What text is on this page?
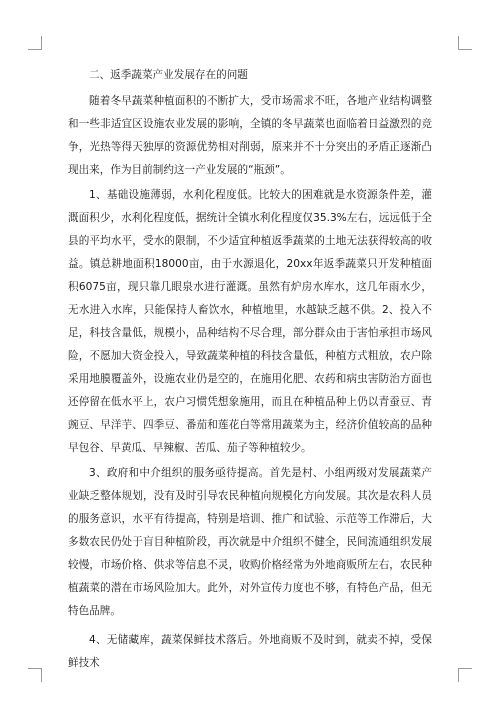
二、返季蔬菜产业发展存在的问题

随着冬早蔬菜种植面积的不断扩大，受市场需求不旺，各地产业结构调整和一些非适宜区设施农业发展的影响，全镇的冬早蔬菜也面临着日益激烈的竞争，光热等得天独厚的资源优势相对削弱，原来并不十分突出的矛盾正逐渐凸现出来，作为目前制约这一产业发展的“瓶颈”。

1、基础设施薄弱，水利化程度低。比较大的困难就是水资源条件差，灌溉面积少，水利化程度低，据统计全镇水利化程度仅35.3%左右，远远低于全县的平均水平，受水的限制，不少适宜种植返季蔬菜的土地无法获得较高的收益。镇总耕地面积18000亩，由于水源退化，20xx年返季蔬菜只开发种植面积6075亩，现只靠几眼泉水进行灌溉。虽然有炉房水库水，这几年雨水少，无水进入水库，只能保持人畜饮水，种植地里，水越缺乏越不供。2、投入不足，科技含量低，规模小，品种结构不尽合理，部分群众由于害怕承担市场风险，不愿加大资金投入，导致蔬菜种植的科技含量低，种植方式粗放，农户除采用地膜覆盖外，设施农业仍是空的，在施用化肥、农药和病虫害防治方面也还停留在低水平上，农户习惯凭想象施用，而且在种植品种上仍以青蚕豆、青豌豆、早洋芋、四季豆、番茄和莲花白等常用蔬菜为主，经济价值较高的品种早包谷、早黄瓜、早辣椒、苦瓜、茄子等种植较少。

3、政府和中介组织的服务亟待提高。首先是村、小组两级对发展蔬菜产业缺乏整体规划，没有及时引导农民种植向规模化方向发展。其次是农科人员的服务意识，水平有待提高，特别是培训、推广和试验、示范等工作滞后，大多数农民仍处于盲目种植阶段，再次就是中介组织不健全，民间流通组织发展较慢，市场价格、供求等信息不灵，收购价格经常为外地商贩所左右，农民种植蔬菜的潜在市场风险加大。此外，对外宣传力度也不够，有特色产品，但无特色品牌。

4、无储藏库，蔬菜保鲜技术落后。外地商贩不及时到，就卖不掉，受保鲜技术
